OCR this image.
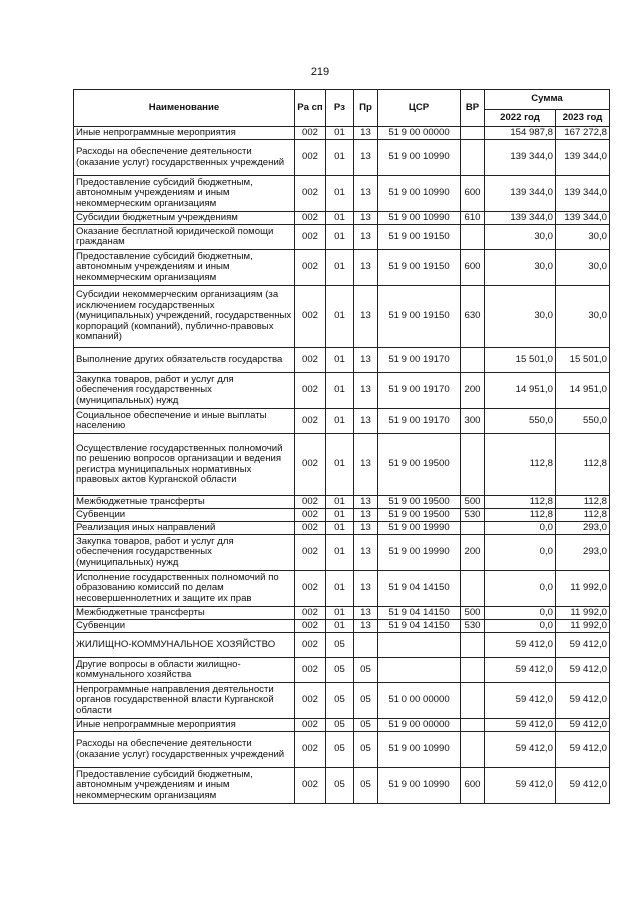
219
Наименование	Ра сп	Рз	Пр	ЦСР	ВР	Сумма	
						2022 год	2023 год
Иные непрограммные мероприятия	002	01	13	51 9 00 00000		154 987,8	167 272,8
Расходы на обеспечение деятельности (оказание услуг) государственных учреждений	002	01	13	51 9 00 10990		139 344,0	139 344,0
Предоставление субсидий бюджетным, автономным учреждениям и иным некоммерческим организациям	002	01	13	51 9 00 10990	600	139 344,0	139 344,0
Субсидии бюджетным учреждениям	002	01	13	51 9 00 10990	610	139 344,0	139 344,0
Оказание бесплатной юридической помощи гражданам	002	01	13	51 9 00 19150		30,0	30,0
Предоставление субсидий бюджетным, автономным учреждениям и иным некоммерческим организациям	002	01	13	51 9 00 19150	600	30,0	30,0
Субсидии некоммерческим организациям (за исключением государственных (муниципальных) учреждений, государственных корпораций (компаний), публично-правовых компаний)	002	01	13	51 9 00 19150	630	30,0	30,0
Выполнение других обязательств государства	002	01	13	51 9 00 19170		15 501,0	15 501,0
Закупка товаров, работ и услуг для обеспечения государственных (муниципальных) нужд	002	01	13	51 9 00 19170	200	14 951,0	14 951,0
Социальное обеспечение и иные выплаты населению	002	01	13	51 9 00 19170	300	550,0	550,0
Осуществление государственных полномочий по решению вопросов организации и ведения регистра муниципальных нормативных правовых актов Курганской области	002	01	13	51 9 00 19500		112,8	112,8
Межбюджетные трансферты	002	01	13	51 9 00 19500	500	112,8	112,8
Субвенции	002	01	13	51 9 00 19500	530	112,8	112,8
Реализация иных направлений	002	01	13	51 9 00 19990		0,0	293,0
Закупка товаров, работ и услуг для обеспечения государственных (муниципальных) нужд	002	01	13	51 9 00 19990	200	0,0	293,0
Исполнение государственных полномочий по образованию комиссий по делам несовершеннолетних и защите их прав	002	01	13	51 9 04 14150		0,0	11 992,0
Межбюджетные трансферты	002	01	13	51 9 04 14150	500	0,0	11 992,0
Субвенции	002	01	13	51 9 04 14150	530	0,0	11 992,0
ЖИЛИЩНО-КОММУНАЛЬНОЕ ХОЗЯЙСТВО	002	05				59 412,0	59 412,0
Другие вопросы в области жилищно-коммунального хозяйства	002	05	05			59 412,0	59 412,0
Непрограммные направления деятельности органов государственной власти Курганской области	002	05	05	51 0 00 00000		59 412,0	59 412,0
Иные непрограммные мероприятия	002	05	05	51 9 00 00000		59 412,0	59 412,0
Расходы на обеспечение деятельности (оказание услуг) государственных учреждений	002	05	05	51 9 00 10990		59 412,0	59 412,0
Предоставление субсидий бюджетным, автономным учреждениям и иным некоммерческим организациям	002	05	05	51 9 00 10990	600	59 412,0	59 412,0
